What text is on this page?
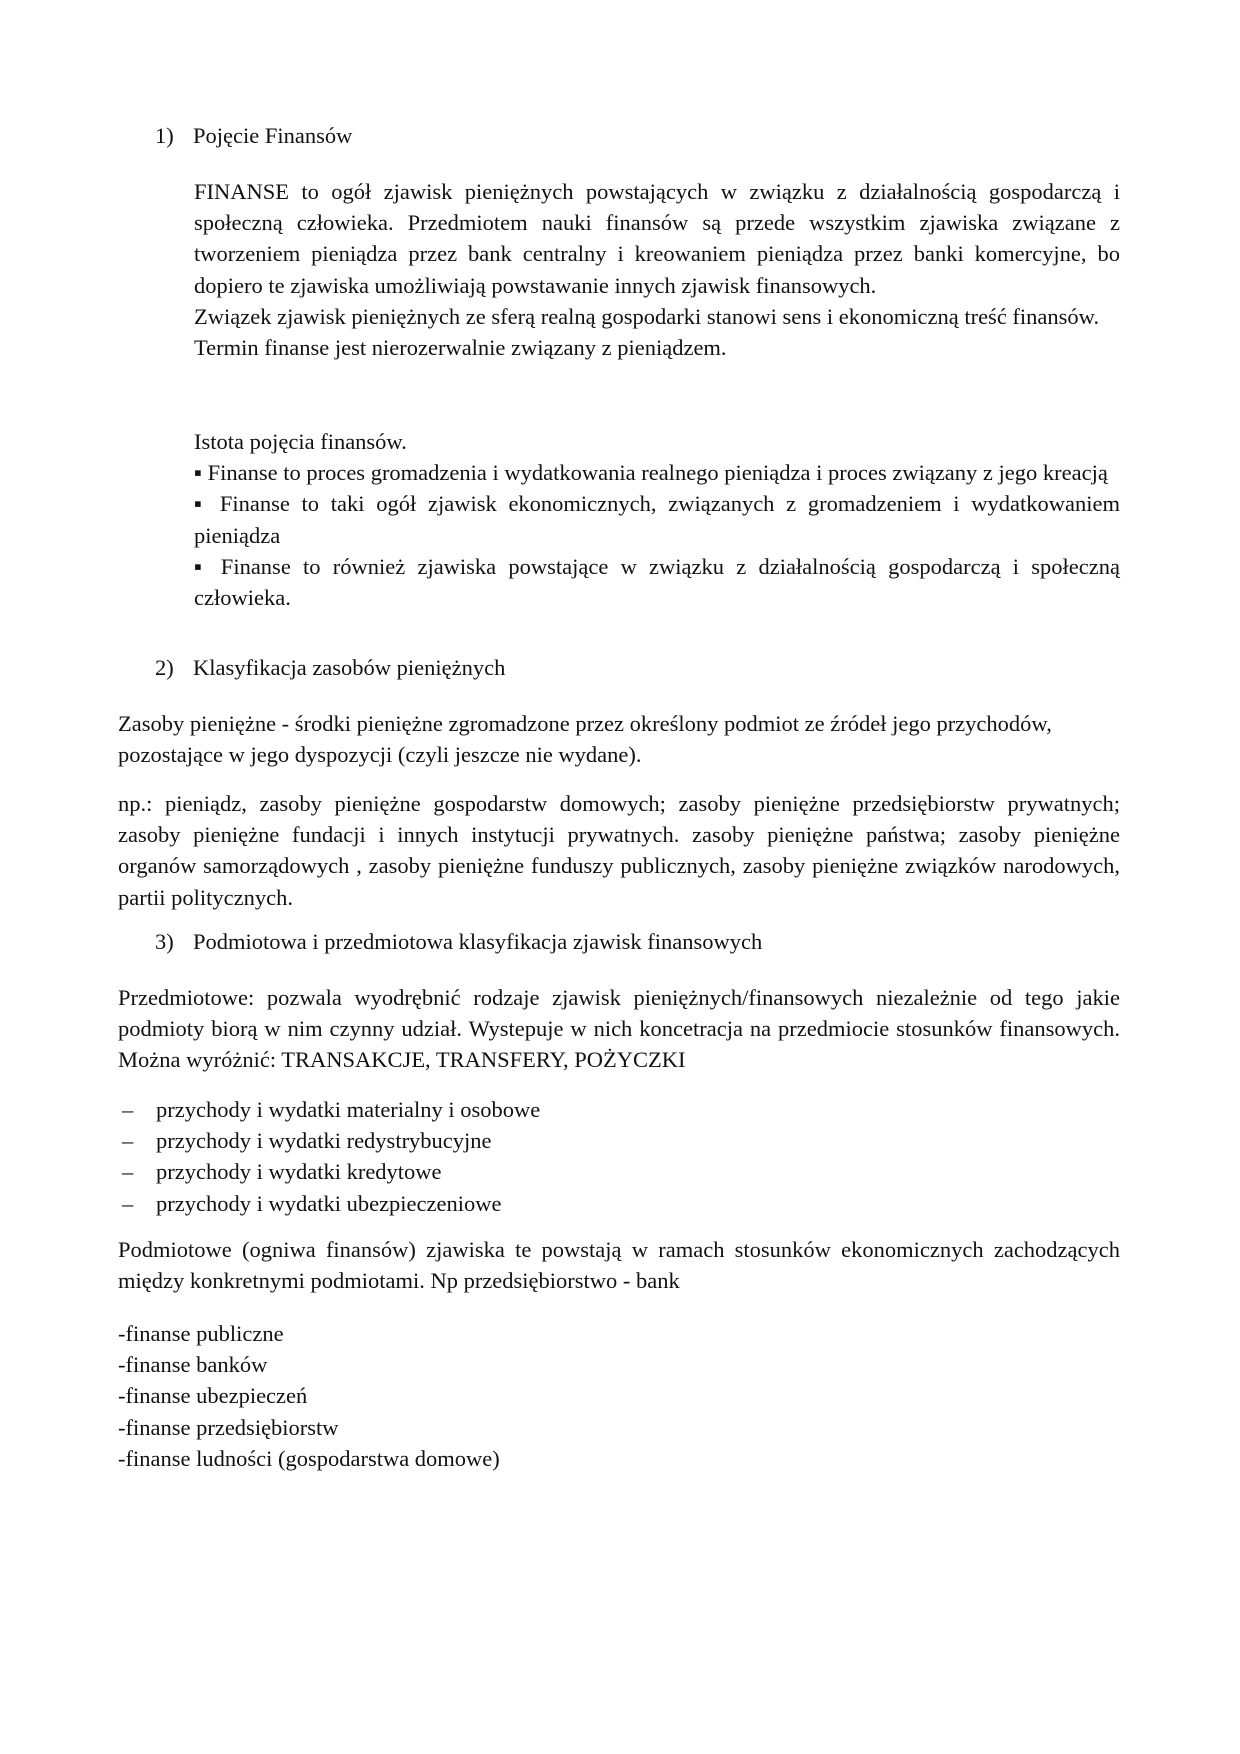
1) Pojęcie Finansów

FINANSE to ogół zjawisk pieniężnych powstających w związku z działalnością gospodarczą i społeczną człowieka. Przedmiotem nauki finansów są przede wszystkim zjawiska związane z tworzeniem pieniądza przez bank centralny i kreowaniem pieniądza przez banki komercyjne, bo dopiero te zjawiska umożliwiają powstawanie innych zjawisk finansowych.

Związek zjawisk pieniężnych ze sferą realną gospodarki stanowi sens i ekonomiczną treść finansów.

Termin finanse jest nierozerwalnie związany z pieniądzem.

Istota pojęcia finansów.

▪ Finanse to proces gromadzenia i wydatkowania realnego pieniądza i proces związany z jego kreacją

▪ Finanse to taki ogół zjawisk ekonomicznych, związanych z gromadzeniem i wydatkowaniem pieniądza

▪ Finanse to również zjawiska powstające w związku z działalnością gospodarczą i społeczną człowieka.

2) Klasyfikacja zasobów pieniężnych

Zasoby pieniężne - środki pieniężne zgromadzone przez określony podmiot ze źródeł jego przychodów, pozostające w jego dyspozycji (czyli jeszcze nie wydane).

np.: pieniądz, zasoby pieniężne gospodarstw domowych; zasoby pieniężne przedsiębiorstw prywatnych; zasoby pieniężne fundacji i innych instytucji prywatnych. zasoby pieniężne państwa; zasoby pieniężne organów samorządowych , zasoby pieniężne funduszy publicznych, zasoby pieniężne związków narodowych, partii politycznych.

3) Podmiotowa i przedmiotowa klasyfikacja zjawisk finansowych

Przedmiotowe: pozwala wyodrębnić rodzaje zjawisk pieniężnych/finansowych niezależnie od tego jakie podmioty biorą w nim czynny udział. Wystepuje w nich koncetracja na przedmiocie stosunków finansowych. Można wyróżnić: TRANSAKCJE, TRANSFERY, POŻYCZKI

– przychody i wydatki materialny i osobowe
– przychody i wydatki redystrybucyjne
– przychody i wydatki kredytowe
– przychody i wydatki ubezpieczeniowe

Podmiotowe (ogniwa finansów) zjawiska te powstają w ramach stosunków ekonomicznych zachodzących między konkretnymi podmiotami. Np przedsiębiorstwo - bank

-finanse publiczne
-finanse banków
-finanse ubezpieczeń
-finanse przedsiębiorstw
-finanse ludności (gospodarstwa domowe)
